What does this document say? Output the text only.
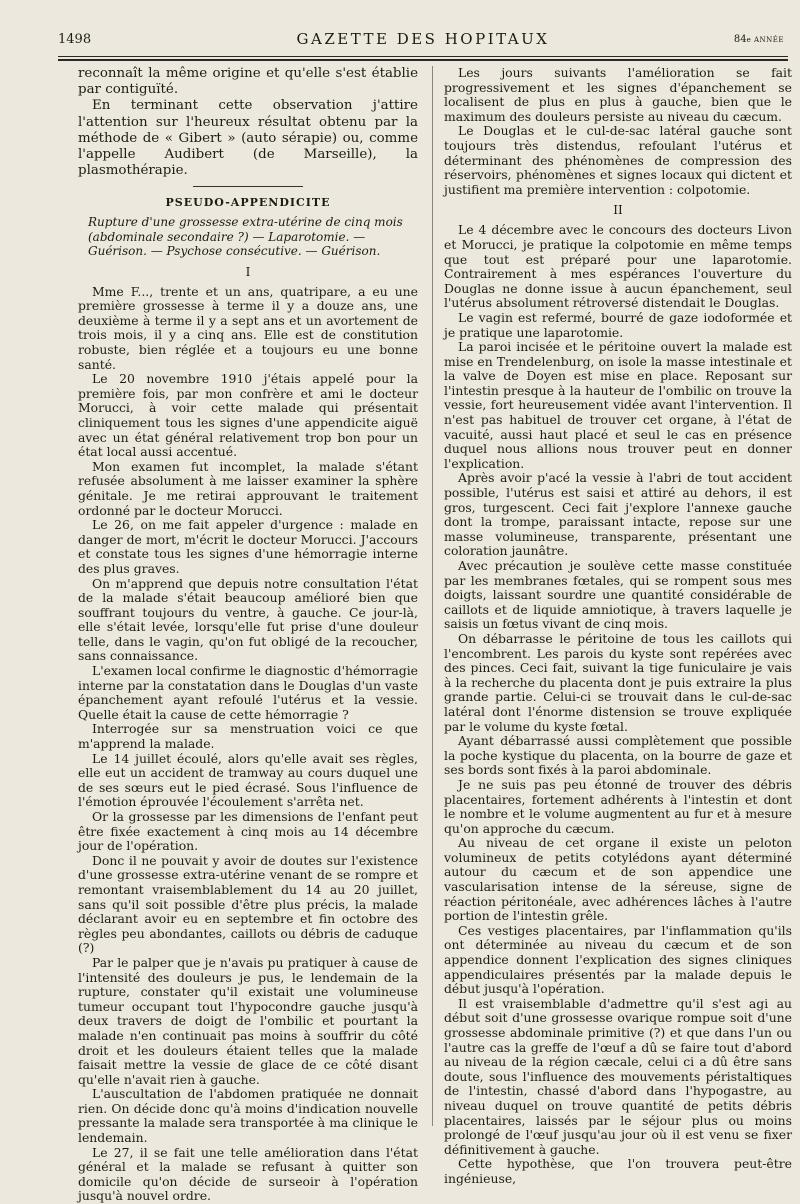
1498	GAZETTE DES HOPITAUX	84e ANNÉE

reconnaît la même origine et qu'elle s'est établie par contiguïté.

En terminant cette observation j'attire l'attention sur l'heureux résultat obtenu par la méthode de « Gibert » (auto sérapie) ou, comme l'appelle Audibert (de Marseille), la plasmothérapie.

PSEUDO-APPENDICITE
Rupture d'une grossesse extra-utérine de cinq mois (abdominale secondaire ?) — Laparotomie. — Guérison. — Psychose consécutive. — Guérison.
I

Mme F..., trente et un ans, quatripare, a eu une première grossesse à terme il y a douze ans, une deuxième à terme il y a sept ans et un avortement de trois mois, il y a cinq ans. Elle est de constitution robuste, bien réglée et a toujours eu une bonne santé.

Le 20 novembre 1910 j'étais appelé pour la première fois, par mon confrère et ami le docteur Morucci, à voir cette malade qui présentait cliniquement tous les signes d'une appendicite aiguë avec un état général relativement trop bon pour un état local aussi accentué.

Mon examen fut incomplet, la malade s'étant refusée absolument à me laisser examiner la sphère génitale. Je me retirai approuvant le traitement ordonné par le docteur Morucci.

Le 26, on me fait appeler d'urgence : malade en danger de mort, m'écrit le docteur Morucci. J'accours et constate tous les signes d'une hémorragie interne des plus graves.

On m'apprend que depuis notre consultation l'état de la malade s'était beaucoup amélioré bien que souffrant toujours du ventre, à gauche. Ce jour-là, elle s'était levée, lorsqu'elle fut prise d'une douleur telle, dans le vagin, qu'on fut obligé de la recoucher, sans connaissance.

L'examen local confirme le diagnostic d'hémorragie interne par la constatation dans le Douglas d'un vaste épanchement ayant refoulé l'utérus et la vessie. Quelle était la cause de cette hémorragie ?

Interrogée sur sa menstruation voici ce que m'apprend la malade.

Le 14 juillet écoulé, alors qu'elle avait ses règles, elle eut un accident de tramway au cours duquel une de ses sœurs eut le pied écrasé. Sous l'influence de l'émotion éprouvée l'écoulement s'arrêta net.

Or la grossesse par les dimensions de l'enfant peut être fixée exactement à cinq mois au 14 décembre jour de l'opération.

Donc il ne pouvait y avoir de doutes sur l'existence d'une grossesse extra-utérine venant de se rompre et remontant vraisemblablement du 14 au 20 juillet, sans qu'il soit possible d'être plus précis, la malade déclarant avoir eu en septembre et fin octobre des règles peu abondantes, caillots ou débris de caduque (?)

Par le palper que je n'avais pu pratiquer à cause de l'intensité des douleurs je pus, le lendemain de la rupture, constater qu'il existait une volumineuse tumeur occupant tout l'hypocondre gauche jusqu'à deux travers de doigt de l'ombilic et pourtant la malade n'en continuait pas moins à souffrir du côté droit et les douleurs étaient telles que la malade faisait mettre la vessie de glace de ce côté disant qu'elle n'avait rien à gauche.

L'auscultation de l'abdomen pratiquée ne donnait rien. On décide donc qu'à moins d'indication nouvelle pressante la malade sera transportée à ma clinique le lendemain.

Le 27, il se fait une telle amélioration dans l'état général et la malade se refusant à quitter son domicile qu'on décide de surseoir à l'opération jusqu'à nouvel ordre.

Les jours suivants l'amélioration se fait progressivement et les signes d'épanchement se localisent de plus en plus à gauche, bien que le maximum des douleurs persiste au niveau du cæcum.

Le Douglas et le cul-de-sac latéral gauche sont toujours très distendus, refoulant l'utérus et déterminant des phénomènes de compression des réservoirs, phénomènes et signes locaux qui dictent et justifient ma première intervention : colpotomie.

II

Le 4 décembre avec le concours des docteurs Livon et Morucci, je pratique la colpotomie en même temps que tout est préparé pour une laparotomie. Contrairement à mes espérances l'ouverture du Douglas ne donne issue à aucun épanchement, seul l'utérus absolument rétroversé distendait le Douglas.

Le vagin est refermé, bourré de gaze iodoformée et je pratique une laparotomie.

La paroi incisée et le péritoine ouvert la malade est mise en Trendelenburg, on isole la masse intestinale et la valve de Doyen est mise en place. Reposant sur l'intestin presque à la hauteur de l'ombilic on trouve la vessie, fort heureusement vidée avant l'intervention. Il n'est pas habituel de trouver cet organe, à l'état de vacuité, aussi haut placé et seul le cas en présence duquel nous allions nous trouver peut en donner l'explication.

Après avoir p'acé la vessie à l'abri de tout accident possible, l'utérus est saisi et attiré au dehors, il est gros, turgescent. Ceci fait j'explore l'annexe gauche dont la trompe, paraissant intacte, repose sur une masse volumineuse, transparente, présentant une coloration jaunâtre.

Avec précaution je soulève cette masse constituée par les membranes fœtales, qui se rompent sous mes doigts, laissant sourdre une quantité considérable de caillots et de liquide amniotique, à travers laquelle je saisis un fœtus vivant de cinq mois.

On débarrasse le péritoine de tous les caillots qui l'encombrent. Les parois du kyste sont repérées avec des pinces. Ceci fait, suivant la tige funiculaire je vais à la recherche du placenta dont je puis extraire la plus grande partie. Celui-ci se trouvait dans le cul-de-sac latéral dont l'énorme distension se trouve expliquée par le volume du kyste fœtal.

Ayant débarrassé aussi complètement que possible la poche kystique du placenta, on la bourre de gaze et ses bords sont fixés à la paroi abdominale.

Je ne suis pas peu étonné de trouver des débris placentaires, fortement adhérents à l'intestin et dont le nombre et le volume augmentent au fur et à mesure qu'on approche du cæcum.

Au niveau de cet organe il existe un peloton volumineux de petits cotylédons ayant déterminé autour du cæcum et de son appendice une vascularisation intense de la séreuse, signe de réaction péritonéale, avec adhérences lâches à l'autre portion de l'intestin grêle.

Ces vestiges placentaires, par l'inflammation qu'ils ont déterminée au niveau du cæcum et de son appendice donnent l'explication des signes cliniques appendiculaires présentés par la malade depuis le début jusqu'à l'opération.

Il est vraisemblable d'admettre qu'il s'est agi au début soit d'une grossesse ovarique rompue soit d'une grossesse abdominale primitive (?) et que dans l'un ou l'autre cas la greffe de l'œuf a dû se faire tout d'abord au niveau de la région cæcale, celui ci a dû être sans doute, sous l'influence des mouvements péristaltiques de l'intestin, chassé d'abord dans l'hypogastre, au niveau duquel on trouve quantité de petits débris placentaires, laissés par le séjour plus ou moins prolongé de l'œuf jusqu'au jour où il est venu se fixer définitivement à gauche.

Cette hypothèse, que l'on trouvera peut-être ingénieuse,
